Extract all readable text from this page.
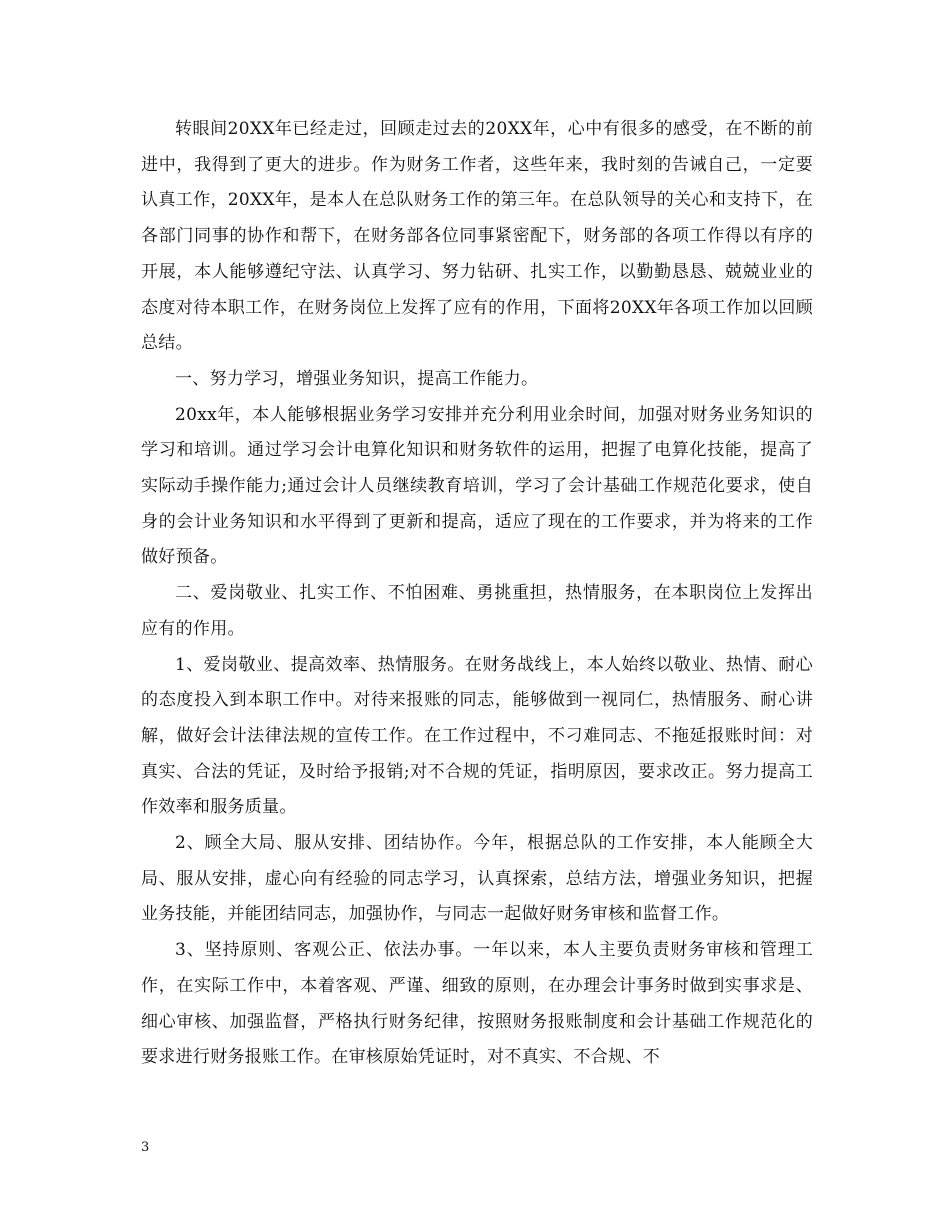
转眼间20XX年已经走过，回顾走过去的20XX年，心中有很多的感受，在不断的前进中，我得到了更大的进步。作为财务工作者，这些年来，我时刻的告诫自己，一定要认真工作，20XX年，是本人在总队财务工作的第三年。在总队领导的关心和支持下，在各部门同事的协作和帮下，在财务部各位同事紧密配下，财务部的各项工作得以有序的开展，本人能够遵纪守法、认真学习、努力钻研、扎实工作，以勤勤恳恳、兢兢业业的态度对待本职工作，在财务岗位上发挥了应有的作用，下面将20XX年各项工作加以回顾总结。

一、努力学习，增强业务知识，提高工作能力。

20xx年，本人能够根据业务学习安排并充分利用业余时间，加强对财务业务知识的学习和培训。通过学习会计电算化知识和财务软件的运用，把握了电算化技能，提高了实际动手操作能力;通过会计人员继续教育培训，学习了会计基础工作规范化要求，使自身的会计业务知识和水平得到了更新和提高，适应了现在的工作要求，并为将来的工作做好预备。

二、爱岗敬业、扎实工作、不怕困难、勇挑重担，热情服务，在本职岗位上发挥出应有的作用。

1、爱岗敬业、提高效率、热情服务。在财务战线上，本人始终以敬业、热情、耐心的态度投入到本职工作中。对待来报账的同志，能够做到一视同仁，热情服务、耐心讲解，做好会计法律法规的宣传工作。在工作过程中，不刁难同志、不拖延报账时间：对真实、合法的凭证，及时给予报销;对不合规的凭证，指明原因，要求改正。努力提高工作效率和服务质量。

2、顾全大局、服从安排、团结协作。今年，根据总队的工作安排，本人能顾全大局、服从安排，虚心向有经验的同志学习，认真探索，总结方法，增强业务知识，把握业务技能，并能团结同志，加强协作，与同志一起做好财务审核和监督工作。

3、坚持原则、客观公正、依法办事。一年以来，本人主要负责财务审核和管理工作，在实际工作中，本着客观、严谨、细致的原则，在办理会计事务时做到实事求是、细心审核、加强监督，严格执行财务纪律，按照财务报账制度和会计基础工作规范化的要求进行财务报账工作。在审核原始凭证时，对不真实、不合规、不

3
